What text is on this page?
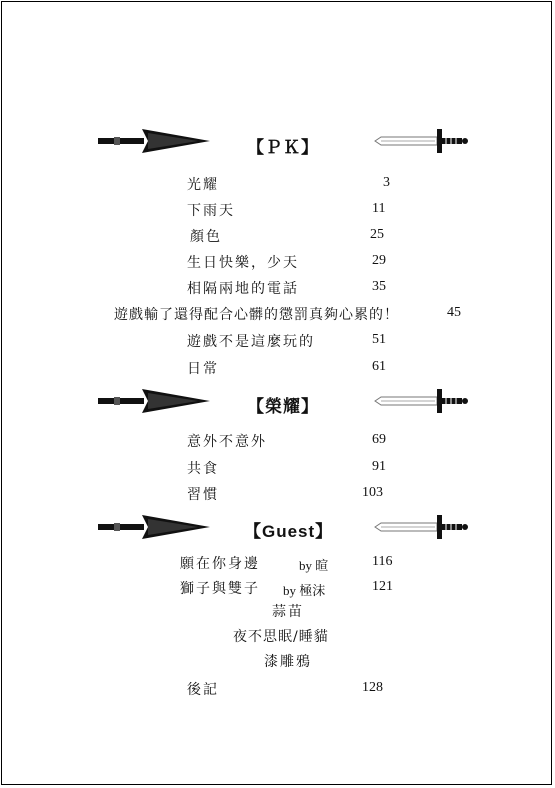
【ＰＫ】
光耀	3
下雨天	11
顏色	25
生日快樂，少天	29
相隔兩地的電話	35
遊戲輸了還得配合心髒的懲罰真夠心累的！	45
遊戲不是這麼玩的	51
日常	61
【榮耀】
意外不意外	69
共食	91
習慣	103
【Guest】
願在你身邊	by 暄	116
獅子與雙子 by 極沫	121
蒜苗
夜不思眠/睡貓
漆雕鴉
後記	128
